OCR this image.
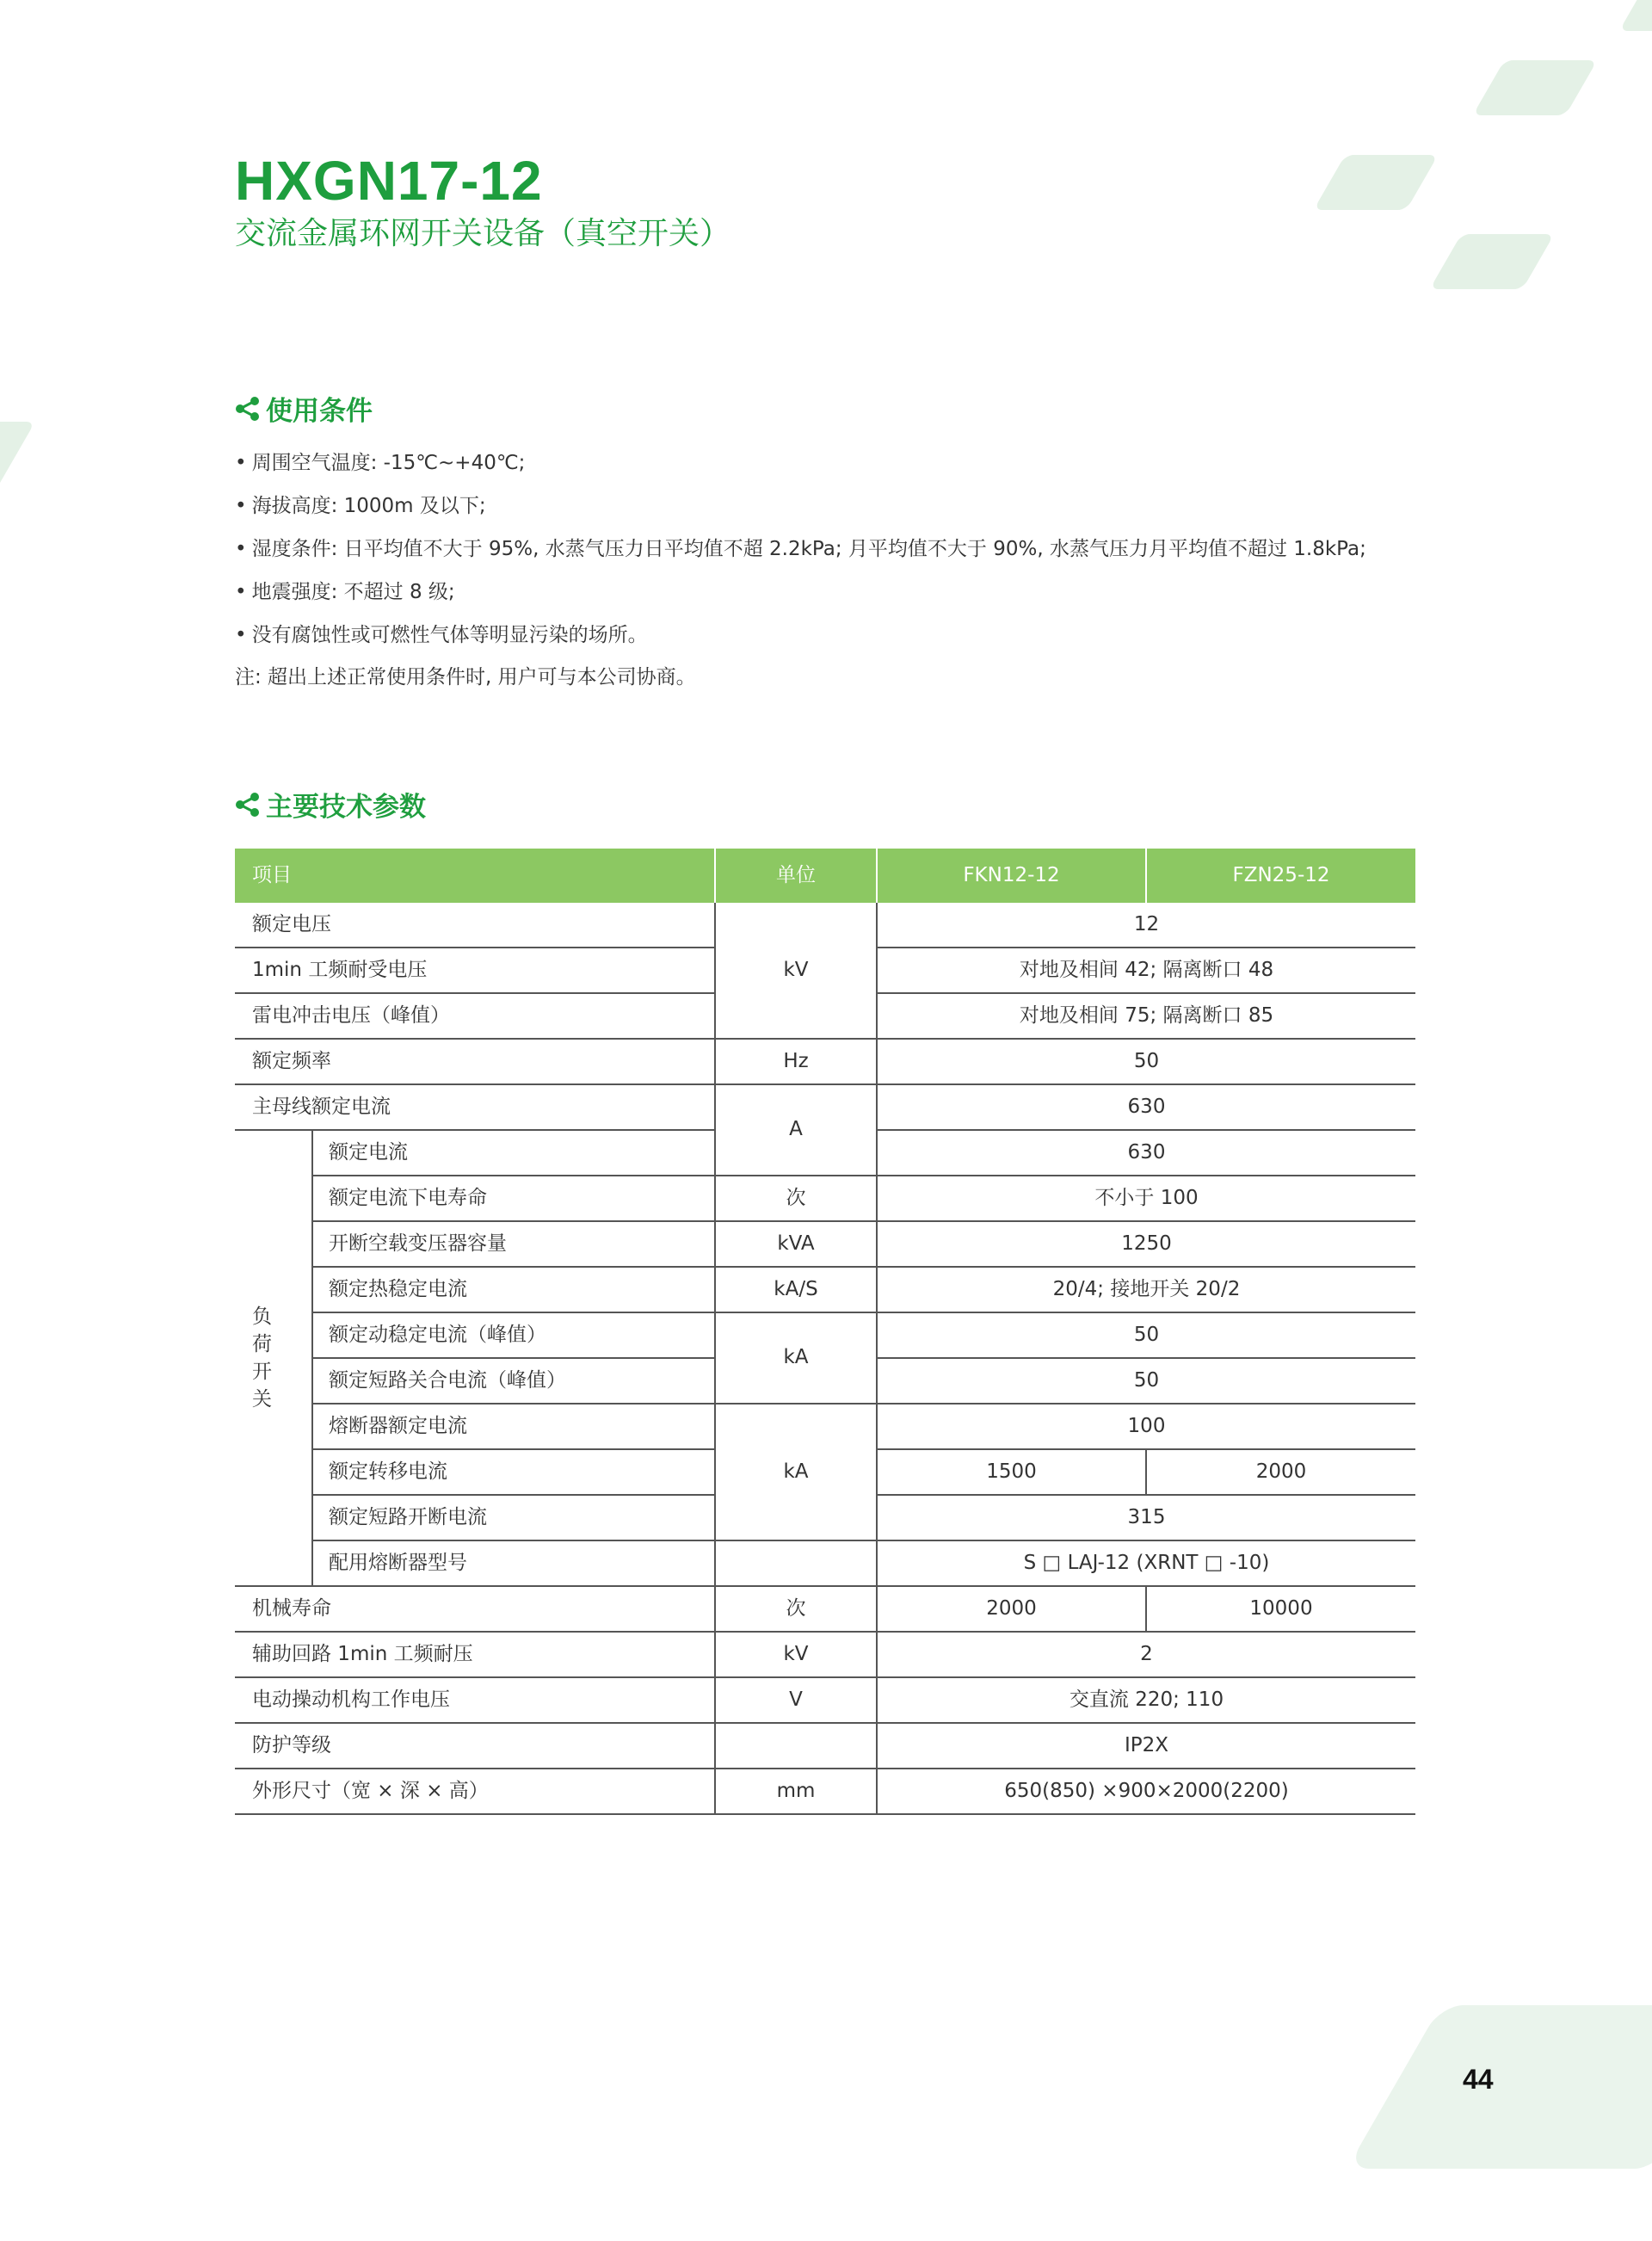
HXGN17-12
交流金属环网开关设备（真空开关）
使用条件
• 周围空气温度: -15℃~+40℃;
• 海拔高度: 1000m 及以下;
• 湿度条件: 日平均值不大于 95%, 水蒸气压力日平均值不超 2.2kPa; 月平均值不大于 90%, 水蒸气压力月平均值不超过 1.8kPa;
• 地震强度: 不超过 8 级;
• 没有腐蚀性或可燃性气体等明显污染的场所。
注: 超出上述正常使用条件时, 用户可与本公司协商。
主要技术参数
项目		单位	FKN12-12	FZN25-12
额定电压		kV	12	
1min 工频耐受电压			对地及相间 42; 隔离断口 48	
雷电冲击电压（峰值）			对地及相间 75; 隔离断口 85	
额定频率		Hz	50	
主母线额定电流		A	630	
负荷开关	额定电流		630	
	额定电流下电寿命	次	不小于 100	
	开断空载变压器容量	kVA	1250	
	额定热稳定电流	kA/S	20/4; 接地开关 20/2	
	额定动稳定电流（峰值）	kA	50	
	额定短路关合电流（峰值）		50	
	熔断器额定电流	kA	100	
	额定转移电流		1500	2000
	额定短路开断电流		315	
	配用熔断器型号		S □ LAJ-12 (XRNT □ -10)	
机械寿命		次	2000	10000
辅助回路 1min 工频耐压		kV	2	
电动操动机构工作电压		V	交直流 220; 110	
防护等级			IP2X	
外形尺寸（宽 × 深 × 高）		mm	650(850) ×900×2000(2200)	
44
